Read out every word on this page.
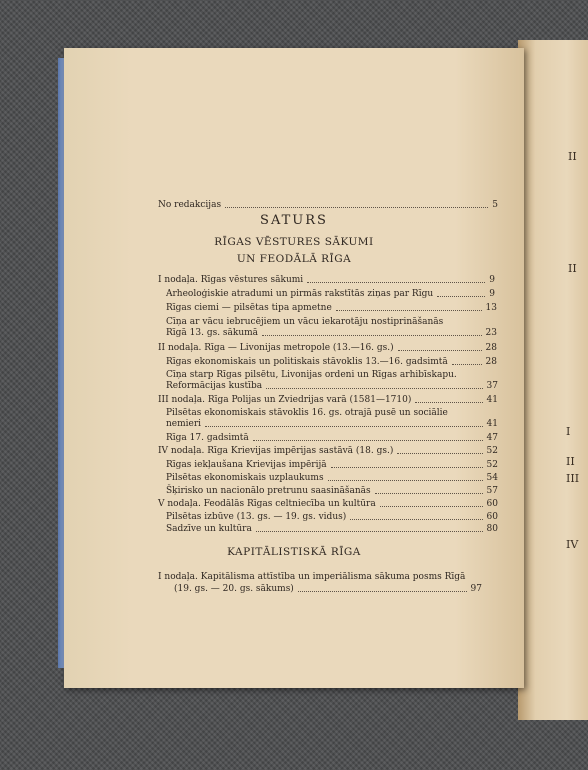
II
II
I
II
III
IV
SATURS
No redakcijas	5
RĪGAS VĒSTURES SĀKUMI
UN FEODĀLĀ RĪGA
I nodaļa. Rīgas vēstures sākumi	9
Arheoloģiskie atradumi un pirmās rakstītās ziņas par Rīgu	9
Rīgas ciemi — pilsētas tipa apmetne	13
Cīņa ar vācu iebrucējiem un vācu iekarotāju nostiprināšanās
Rīgā 13. gs. sākumā	23
II nodaļa. Rīga — Livonijas metropole (13.—16. gs.)	28
Rīgas ekonomiskais un politiskais stāvoklis 13.—16. gadsimtā	28
Cīņa starp Rīgas pilsētu, Livonijas ordeni un Rīgas arhibīskapu.
Reformācijas kustība	37
III nodaļa. Rīga Polijas un Zviedrijas varā (1581—1710)	41
Pilsētas ekonomiskais stāvoklis 16. gs. otrajā pusē un sociālie
nemieri	41
Rīga 17. gadsimtā	47
IV nodaļa. Rīga Krievijas impērijas sastāvā (18. gs.)	52
Rīgas iekļaušana Krievijas impērijā	52
Pilsētas ekonomiskais uzplaukums	54
Šķiriskо un nacionālo pretrunu saasināšanās	57
V nodaļa. Feodālās Rīgas celtniecība un kultūra	60
Pilsētas izbūve (13. gs. — 19. gs. vidus)	60
Sadzīve un kultūra	80
KAPITĀLISTISKĀ RĪGA
I nodaļa. Kapitālisma attīstība un imperiālisma sākuma posms Rīgā
(19. gs. — 20. gs. sākums)	97
